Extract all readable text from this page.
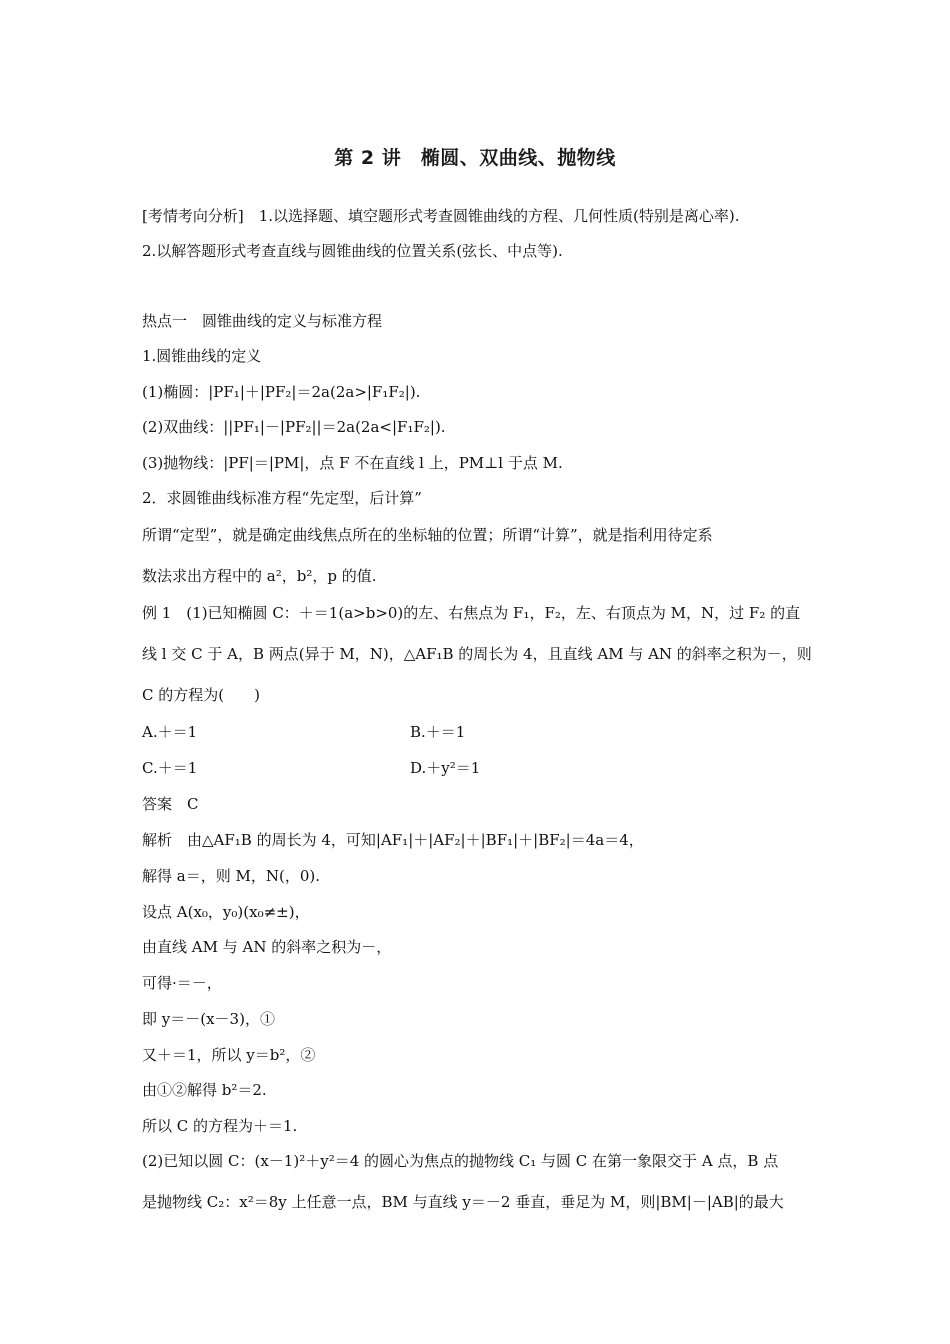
第 2 讲　椭圆、双曲线、抛物线
[考情考向分析]　1.以选择题、填空题形式考查圆锥曲线的方程、几何性质(特别是离心率).
2.以解答题形式考查直线与圆锥曲线的位置关系(弦长、中点等).
热点一　圆锥曲线的定义与标准方程
1.圆锥曲线的定义
(1)椭圆：|PF₁|＋|PF₂|＝2a(2a>|F₁F₂|).
(2)双曲线：||PF₁|－|PF₂||＝2a(2a<|F₁F₂|).
(3)抛物线：|PF|＝|PM|，点 F 不在直线 l 上，PM⊥l 于点 M.
2．求圆锥曲线标准方程“先定型，后计算”
所谓“定型”，就是确定曲线焦点所在的坐标轴的位置；所谓“计算”，就是指利用待定系
数法求出方程中的 a²，b²，p 的值.
例 1　(1)已知椭圆 C：＋＝1(a>b>0)的左、右焦点为 F₁，F₂，左、右顶点为 M，N，过 F₂ 的直
线 l 交 C 于 A，B 两点(异于 M，N)，△AF₁B 的周长为 4，且直线 AM 与 AN 的斜率之积为－，则
C 的方程为(　　)
A.＋＝1	B.＋＝1
C.＋＝1	D.＋y²＝1
答案　C
解析　由△AF₁B 的周长为 4，可知|AF₁|＋|AF₂|＋|BF₁|＋|BF₂|＝4a＝4，
解得 a＝，则 M，N(，0).
设点 A(x₀，y₀)(x₀≠±)，
由直线 AM 与 AN 的斜率之积为－，
可得·＝－，
即 y＝－(x－3)，①
又＋＝1，所以 y＝b²，②
由①②解得 b²＝2.
所以 C 的方程为＋＝1.
(2)已知以圆 C：(x－1)²＋y²＝4 的圆心为焦点的抛物线 C₁ 与圆 C 在第一象限交于 A 点，B 点
是抛物线 C₂：x²＝8y 上任意一点，BM 与直线 y＝－2 垂直，垂足为 M，则|BM|－|AB|的最大
